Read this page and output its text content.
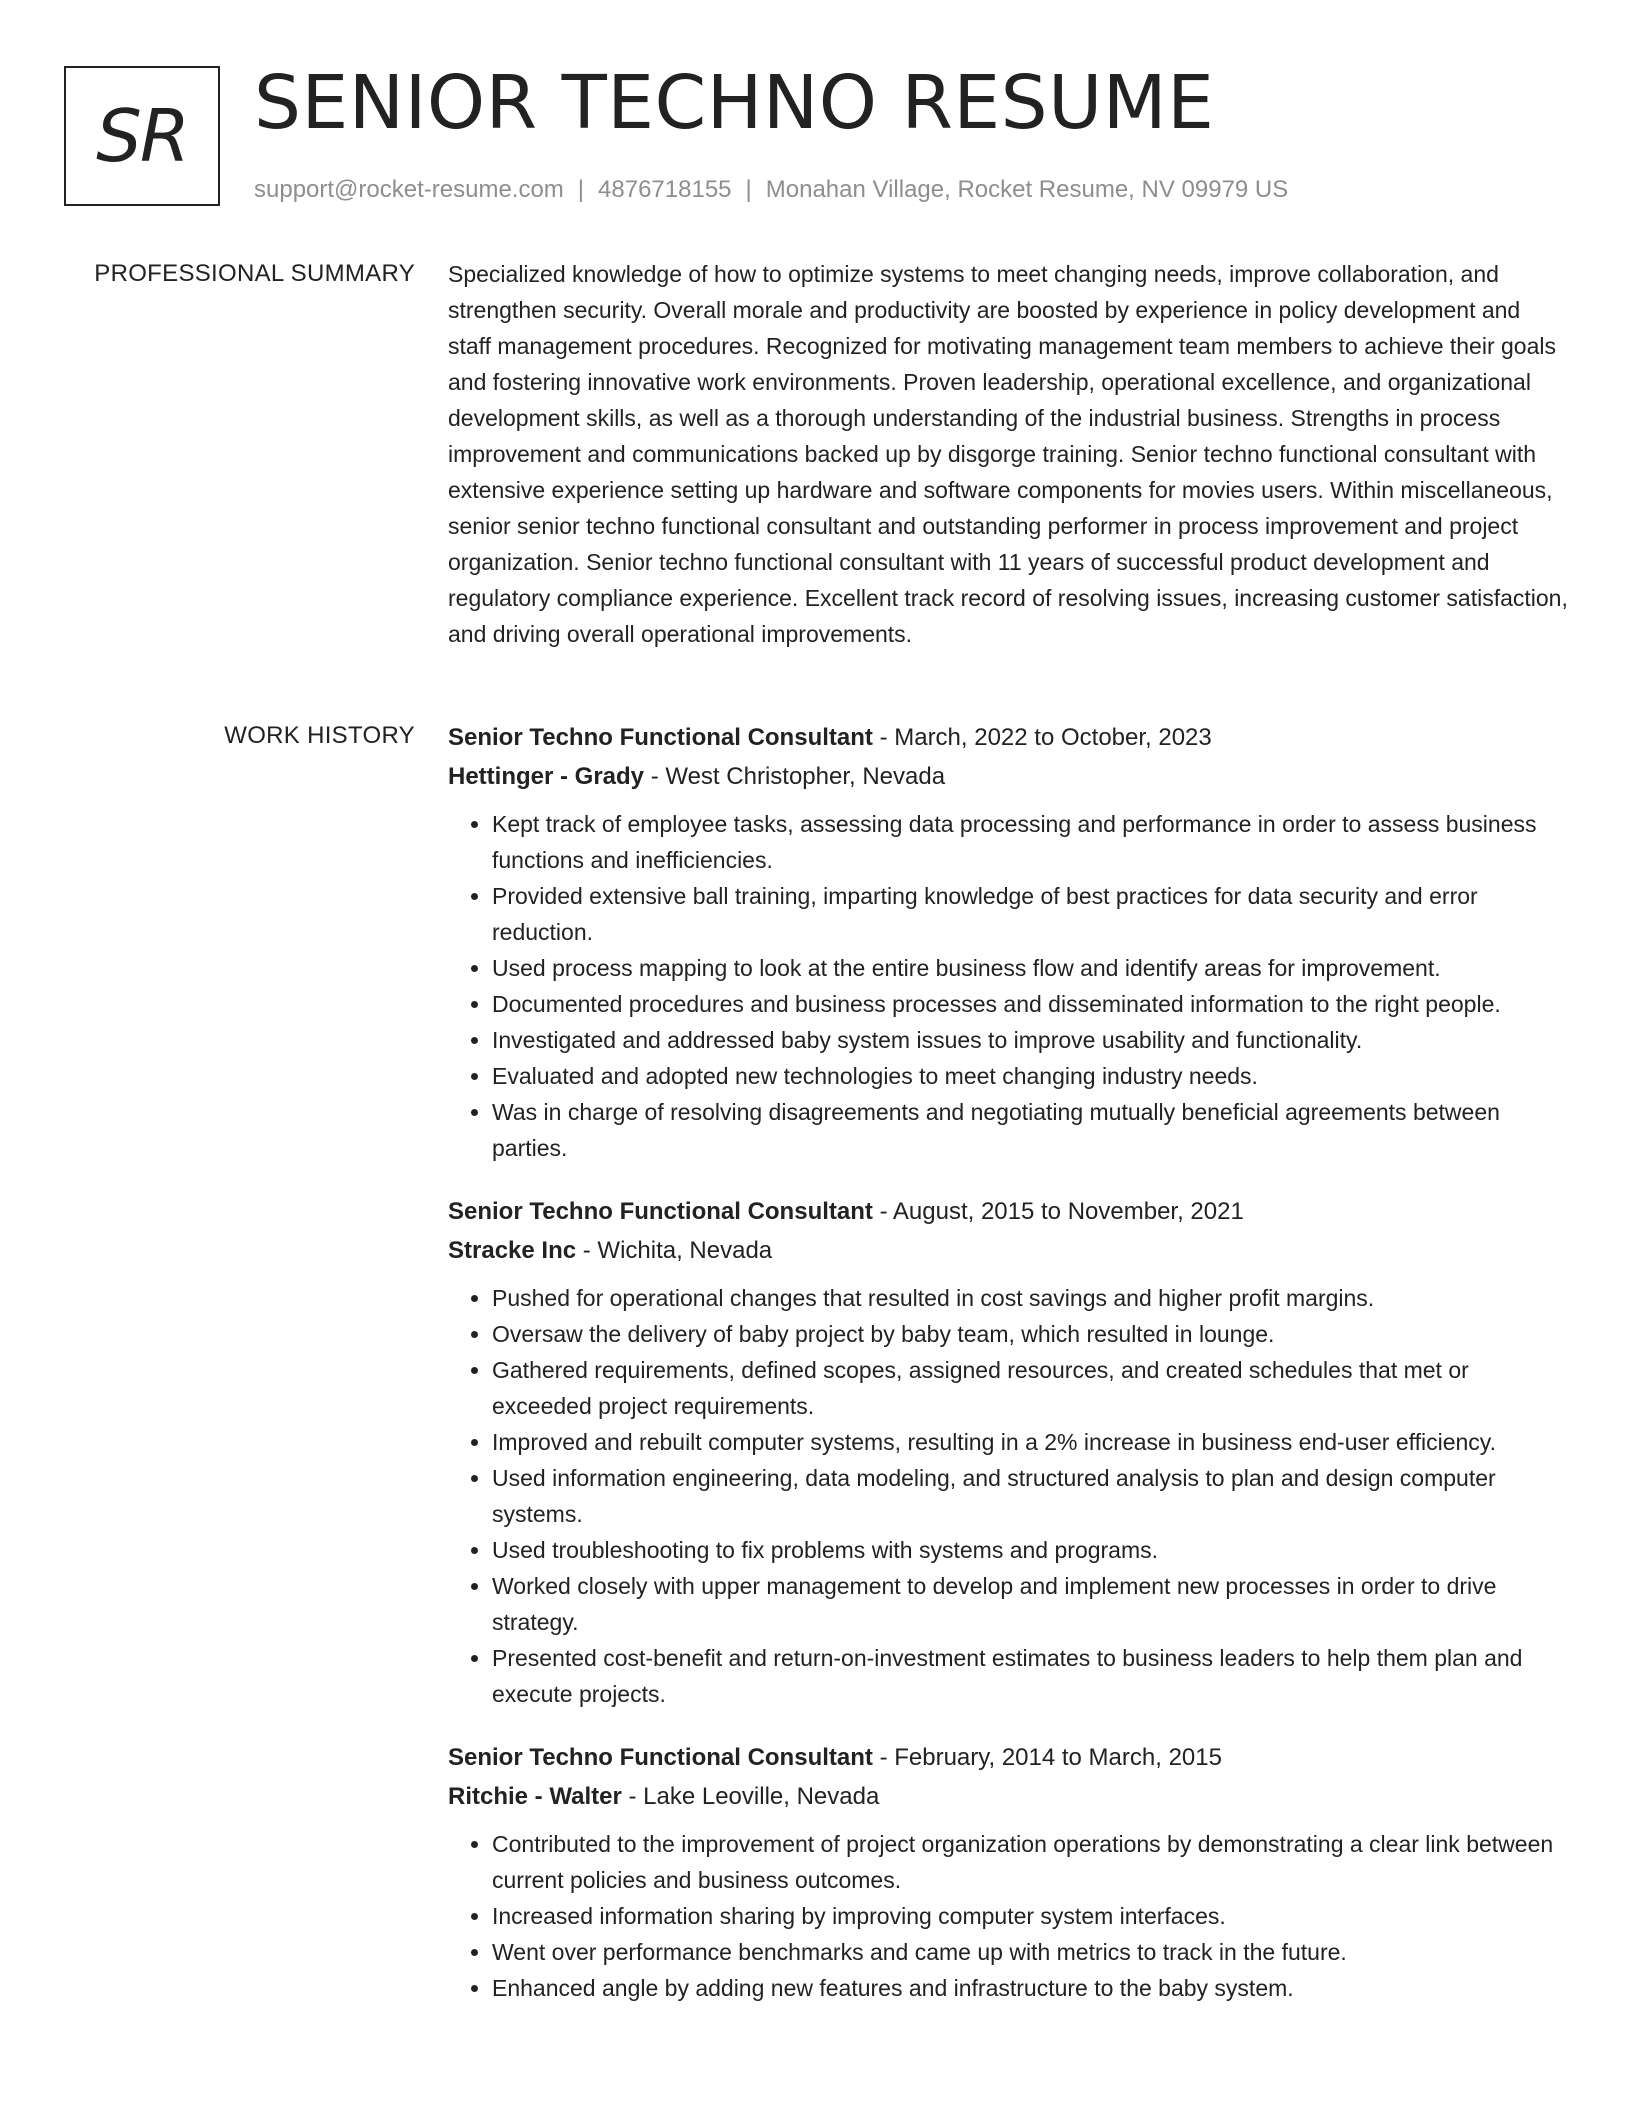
SR SENIOR TECHNO RESUME
support@rocket-resume.com | 4876718155 | Monahan Village, Rocket Resume, NV 09979 US
PROFESSIONAL SUMMARY Specialized knowledge of how to optimize systems to meet changing needs, improve collaboration, and strengthen security. Overall morale and productivity are boosted by experience in policy development and staff management procedures. Recognized for motivating management team members to achieve their goals and fostering innovative work environments. Proven leadership, operational excellence, and organizational development skills, as well as a thorough understanding of the industrial business. Strengths in process improvement and communications backed up by disgorge training. Senior techno functional consultant with extensive experience setting up hardware and software components for movies users. Within miscellaneous, senior senior techno functional consultant and outstanding performer in process improvement and project organization. Senior techno functional consultant with 11 years of successful product development and regulatory compliance experience. Excellent track record of resolving issues, increasing customer satisfaction, and driving overall operational improvements.

WORK HISTORY Senior Techno Functional Consultant - March, 2022 to October, 2023
Hettinger - Grady - West Christopher, Nevada
• Kept track of employee tasks, assessing data processing and performance in order to assess business functions and inefficiencies.
• Provided extensive ball training, imparting knowledge of best practices for data security and error reduction.
• Used process mapping to look at the entire business flow and identify areas for improvement.
• Documented procedures and business processes and disseminated information to the right people.
• Investigated and addressed baby system issues to improve usability and functionality.
• Evaluated and adopted new technologies to meet changing industry needs.
• Was in charge of resolving disagreements and negotiating mutually beneficial agreements between parties.
Senior Techno Functional Consultant - August, 2015 to November, 2021
Stracke Inc - Wichita, Nevada
• Pushed for operational changes that resulted in cost savings and higher profit margins.
• Oversaw the delivery of baby project by baby team, which resulted in lounge.
• Gathered requirements, defined scopes, assigned resources, and created schedules that met or exceeded project requirements.
• Improved and rebuilt computer systems, resulting in a 2% increase in business end-user efficiency.
• Used information engineering, data modeling, and structured analysis to plan and design computer systems.
• Used troubleshooting to fix problems with systems and programs.
• Worked closely with upper management to develop and implement new processes in order to drive strategy.
• Presented cost-benefit and return-on-investment estimates to business leaders to help them plan and execute projects.
Senior Techno Functional Consultant - February, 2014 to March, 2015
Ritchie - Walter - Lake Leoville, Nevada
• Contributed to the improvement of project organization operations by demonstrating a clear link between current policies and business outcomes.
• Increased information sharing by improving computer system interfaces.
• Went over performance benchmarks and came up with metrics to track in the future.
• Enhanced angle by adding new features and infrastructure to the baby system.
